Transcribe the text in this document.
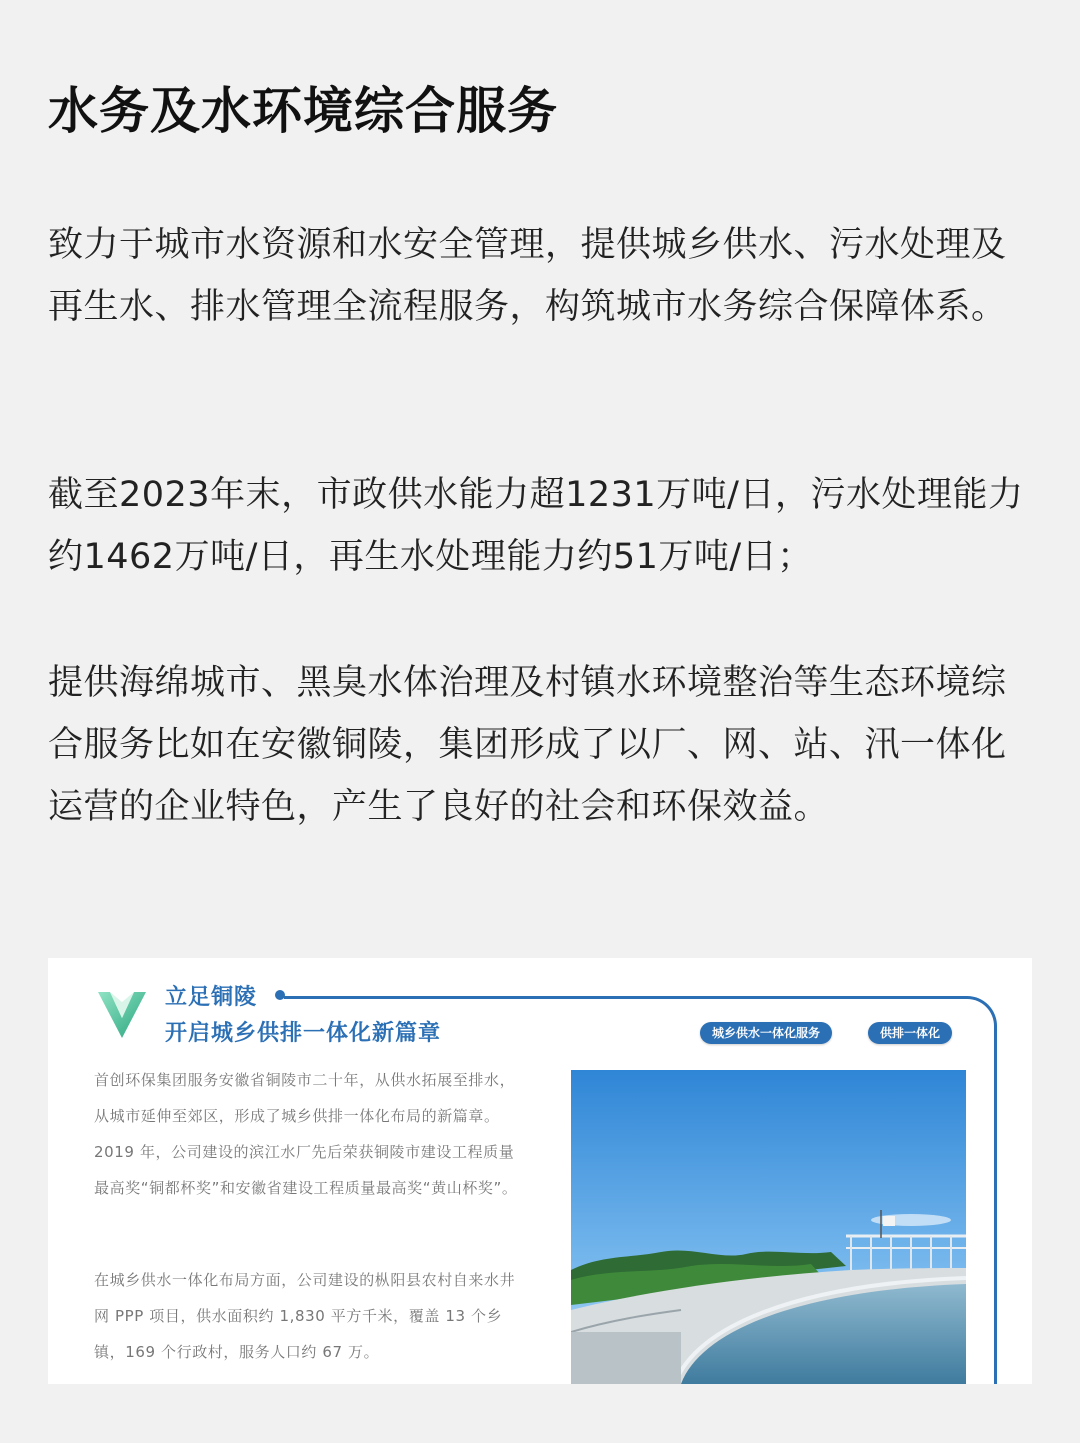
水务及水环境综合服务

致力于城市水资源和水安全管理，提供城乡供水、污水处理及再生水、排水管理全流程服务，构筑城市水务综合保障体系。

截至2023年末，市政供水能力超1231万吨/日，污水处理能力约1462万吨/日，再生水处理能力约51万吨/日；

提供海绵城市、黑臭水体治理及村镇水环境整治等生态环境综合服务比如在安徽铜陵，集团形成了以厂、网、站、汛一体化运营的企业特色，产生了良好的社会和环保效益。

立足铜陵
开启城乡供排一体化新篇章	城乡供水一体化服务	供排一体化

首创环保集团服务安徽省铜陵市二十年，从供水拓展至排水，从城市延伸至郊区，形成了城乡供排一体化布局的新篇章。2019 年，公司建设的滨江水厂先后荣获铜陵市建设工程质量最高奖“铜都杯奖”和安徽省建设工程质量最高奖“黄山杯奖”。

在城乡供水一体化布局方面，公司建设的枞阳县农村自来水井网 PPP 项目，供水面积约 1,830 平方千米，覆盖 13 个乡镇，169 个行政村，服务人口约 67 万。
